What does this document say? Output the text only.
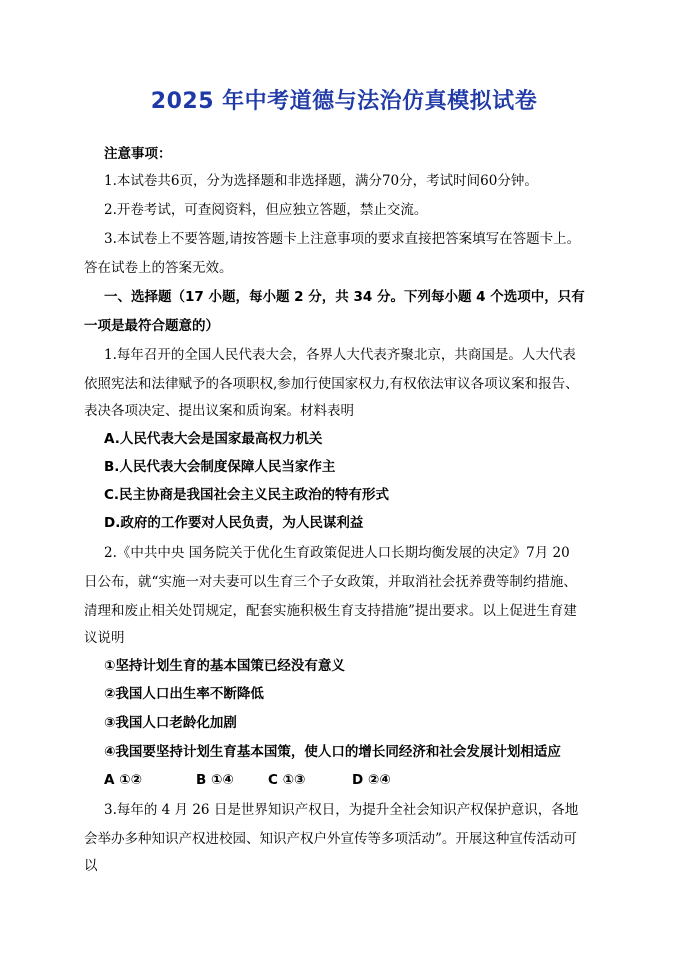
2025 年中考道德与法治仿真模拟试卷
注意事项：
1.本试卷共6页，分为选择题和非选择题，满分70分，考试时间60分钟。
2.开卷考试，可查阅资料，但应独立答题，禁止交流。
3.本试卷上不要答题,请按答题卡上注意事项的要求直接把答案填写在答题卡上。
答在试卷上的答案无效。
一、选择题（17 小题，每小题 2 分，共 34 分。下列每小题 4 个选项中，只有
一项是最符合题意的）
1.每年召开的全国人民代表大会，各界人大代表齐聚北京，共商国是。人大代表
依照宪法和法律赋予的各项职权,参加行使国家权力,有权依法审议各项议案和报告、
表决各项决定、提出议案和质询案。材料表明
A.人民代表大会是国家最高权力机关
B.人民代表大会制度保障人民当家作主
C.民主协商是我国社会主义民主政治的特有形式
D.政府的工作要对人民负责，为人民谋利益
2.《中共中央 国务院关于优化生育政策促进人口长期均衡发展的决定》7月 20
日公布，就“实施一对夫妻可以生育三个子女政策，并取消社会抚养费等制约措施、
清理和废止相关处罚规定，配套实施积极生育支持措施”提出要求。以上促进生育建
议说明
①坚持计划生育的基本国策已经没有意义
②我国人口出生率不断降低
③我国人口老龄化加剧
④我国要坚持计划生育基本国策，使人口的增长同经济和社会发展计划相适应
A ①②	B ①④	C ①③	D ②④
3.每年的 4 月 26 日是世界知识产权日，为提升全社会知识产权保护意识，各地
会举办多种知识产权进校园、知识产权户外宣传等多项活动”。开展这种宣传活动可
以
